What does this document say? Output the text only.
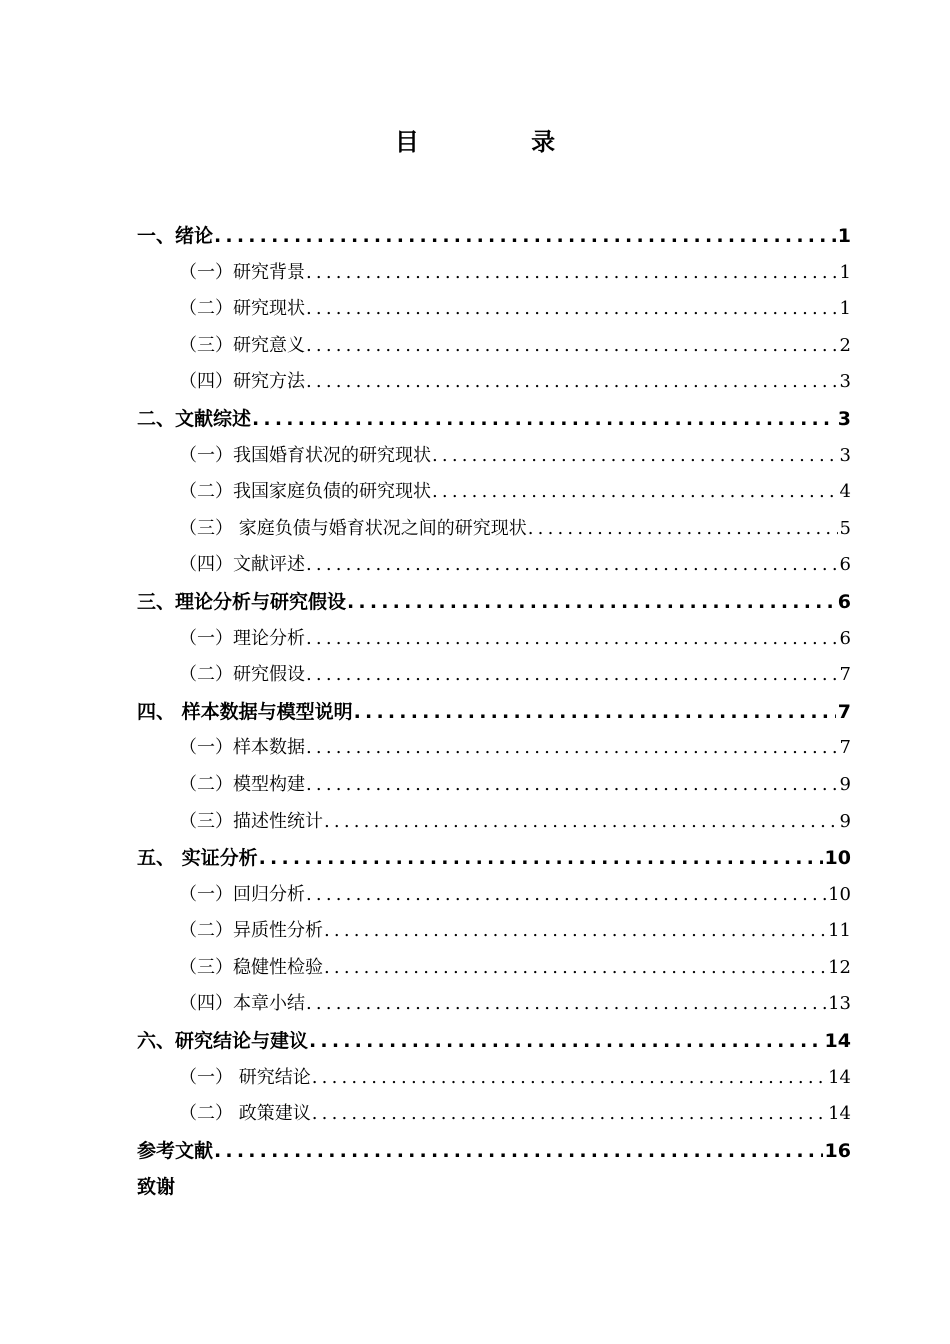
目 录
一、绪论 .....	1
（一）研究背景 .....	1
（二）研究现状 .....	1
（三）研究意义 .....	2
（四）研究方法 .....	3
二、文献综述 .....	3
（一）我国婚育状况的研究现状 .....	3
（二）我国家庭负债的研究现状 .....	4
（三） 家庭负债与婚育状况之间的研究现状 .....	5
（四）文献评述 .....	6
三、理论分析与研究假设 .....	6
（一）理论分析 .....	6
（二）研究假设 .....	7
四、 样本数据与模型说明 .....	7
（一）样本数据 .....	7
（二）模型构建 .....	9
（三）描述性统计 .....	9
五、 实证分析 .....	10
（一）回归分析 .....	10
（二）异质性分析 .....	11
（三）稳健性检验 .....	12
（四）本章小结 .....	13
六、研究结论与建议 .....	14
（一） 研究结论 .....	14
（二） 政策建议 .....	14
参考文献 .....	16
致谢
